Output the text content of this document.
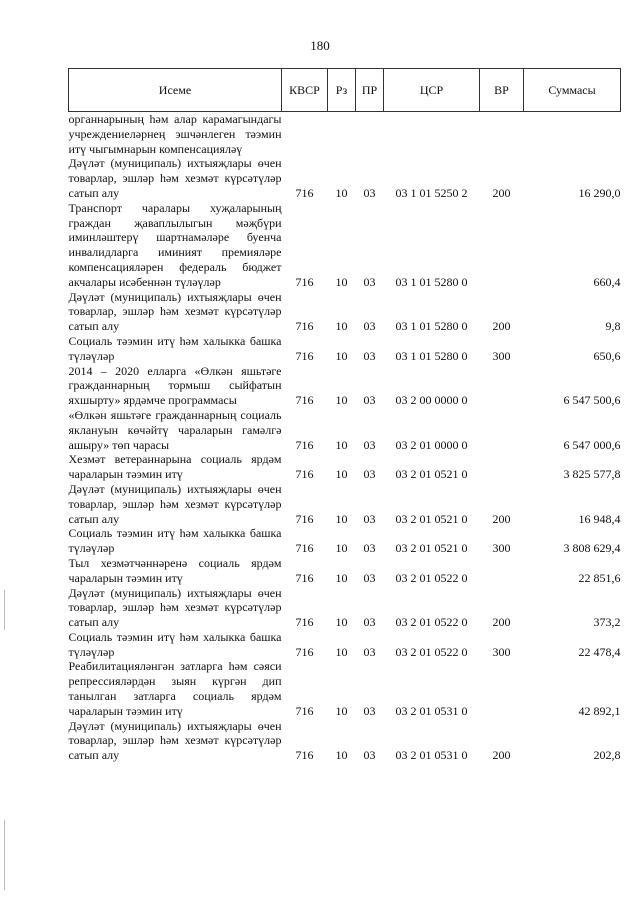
180
Исеме	КВСР	Рз	ПР	ЦСР	ВР	Суммасы
органнарының һәм алар карамагындагы учреждениеләрнең эшчәнлеген тәэмин итү чыгымнарын компенсацияләү						
Дәүләт (муниципаль) ихтыяҗлары өчен товарлар, эшләр һәм хезмәт күрсәтүләр сатып алу	716	10	03	03 1 01 5250 2	200	16 290,0
Транспорт чаралары хуҗаларының граждан җаваплылыгын мәҗбүри иминләштерү шартнамәләре буенча инвалидларга иминият премияләре компенсацияләрен федераль бюджет акчалары исәбеннән түләүләр	716	10	03	03 1 01 5280 0		660,4
Дәүләт (муниципаль) ихтыяҗлары өчен товарлар, эшләр һәм хезмәт күрсәтүләр сатып алу	716	10	03	03 1 01 5280 0	200	9,8
Социаль тәэмин итү һәм халыкка башка түләүләр	716	10	03	03 1 01 5280 0	300	650,6
2014 – 2020 елларга «Өлкән яшьтәге гражданнарның тормыш сыйфатын яхшырту» ярдәмче программасы	716	10	03	03 2 00 0000 0		6 547 500,6
«Өлкән яшьтәге гражданнарның социаль яклануын көчәйтү чараларын гамәлгә ашыру» төп чарасы	716	10	03	03 2 01 0000 0		6 547 000,6
Хезмәт ветераннарына социаль ярдәм чараларын тәэмин итү	716	10	03	03 2 01 0521 0		3 825 577,8
Дәүләт (муниципаль) ихтыяҗлары өчен товарлар, эшләр һәм хезмәт күрсәтүләр сатып алу	716	10	03	03 2 01 0521 0	200	16 948,4
Социаль тәэмин итү һәм халыкка башка түләүләр	716	10	03	03 2 01 0521 0	300	3 808 629,4
Тыл хезмәтчәннәренә социаль ярдәм чараларын тәэмин итү	716	10	03	03 2 01 0522 0		22 851,6
Дәүләт (муниципаль) ихтыяҗлары өчен товарлар, эшләр һәм хезмәт күрсәтүләр сатып алу	716	10	03	03 2 01 0522 0	200	373,2
Социаль тәэмин итү һәм халыкка башка түләүләр	716	10	03	03 2 01 0522 0	300	22 478,4
Реабилитацияләнгән затларга һәм сәяси репрессияләрдән зыян күргән дип танылган затларга социаль ярдәм чараларын тәэмин итү	716	10	03	03 2 01 0531 0		42 892,1
Дәүләт (муниципаль) ихтыяҗлары өчен товарлар, эшләр һәм хезмәт күрсәтүләр сатып алу	716	10	03	03 2 01 0531 0	200	202,8
